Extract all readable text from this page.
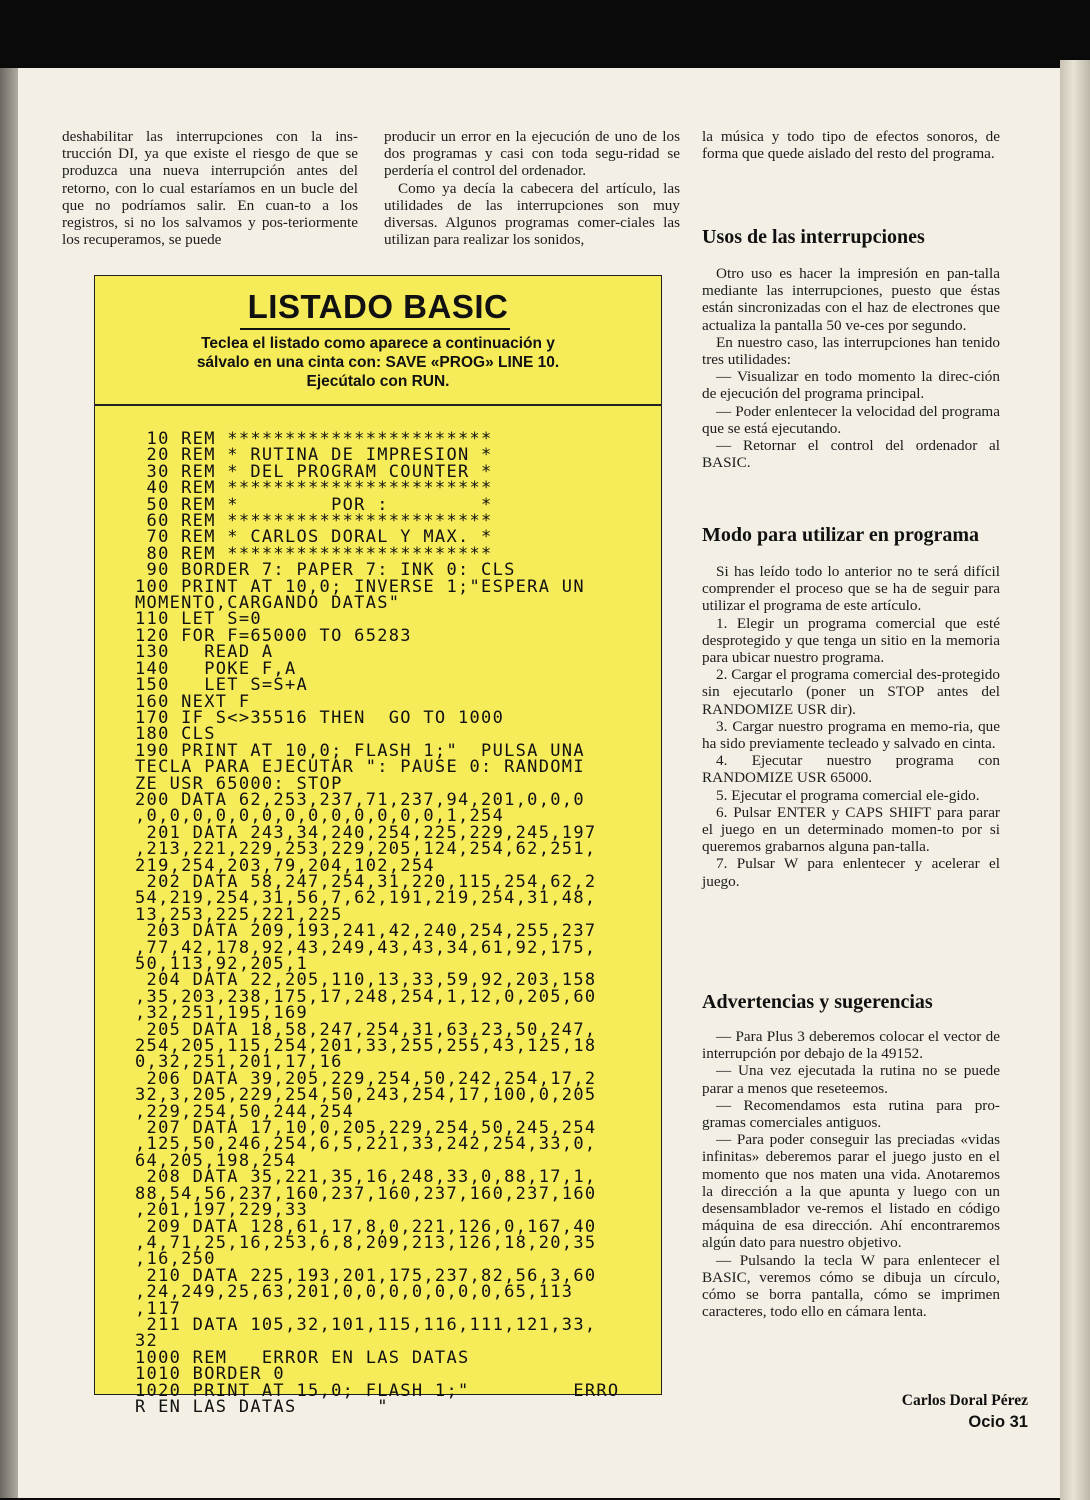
deshabilitar las interrupciones con la ins-trucción DI, ya que existe el riesgo de que se produzca una nueva interrupción antes del retorno, con lo cual estaríamos en un bucle del que no podríamos salir. En cuan-to a los registros, si no los salvamos y pos-teriormente los recuperamos, se puede

producir un error en la ejecución de uno de los dos programas y casi con toda segu-ridad se perdería el control del ordenador.

Como ya decía la cabecera del artículo, las utilidades de las interrupciones son muy diversas. Algunos programas comer-ciales las utilizan para realizar los sonidos,

la música y todo tipo de efectos sonoros, de forma que quede aislado del resto del programa.

Usos de las interrupciones

Otro uso es hacer la impresión en pan-talla mediante las interrupciones, puesto que éstas están sincronizadas con el haz de electrones que actualiza la pantalla 50 ve-ces por segundo.

En nuestro caso, las interrupciones han tenido tres utilidades:

— Visualizar en todo momento la direc-ción de ejecución del programa principal.

— Poder enlentecer la velocidad del programa que se está ejecutando.

— Retornar el control del ordenador al BASIC.

Modo para utilizar en programa

Si has leído todo lo anterior no te será difícil comprender el proceso que se ha de seguir para utilizar el programa de este artículo.

1. Elegir un programa comercial que esté desprotegido y que tenga un sitio en la memoria para ubicar nuestro programa.

2. Cargar el programa comercial des-protegido sin ejecutarlo (poner un STOP antes del RANDOMIZE USR dir).

3. Cargar nuestro programa en memo-ria, que ha sido previamente tecleado y salvado en cinta.

4. Ejecutar nuestro programa con RANDOMIZE USR 65000.

5. Ejecutar el programa comercial ele-gido.

6. Pulsar ENTER y CAPS SHIFT para parar el juego en un determinado momen-to por si queremos grabarnos alguna pan-talla.

7. Pulsar W para enlentecer y acelerar el juego.

Advertencias y sugerencias

— Para Plus 3 deberemos colocar el vector de interrupción por debajo de la 49152.

— Una vez ejecutada la rutina no se puede parar a menos que reseteemos.

— Recomendamos esta rutina para pro-gramas comerciales antiguos.

— Para poder conseguir las preciadas «vidas infinitas» deberemos parar el juego justo en el momento que nos maten una vida. Anotaremos la dirección a la que apunta y luego con un desensamblador ve-remos el listado en código máquina de esa dirección. Ahí encontraremos algún dato para nuestro objetivo.

— Pulsando la tecla W para enlentecer el BASIC, veremos cómo se dibuja un círculo, cómo se borra pantalla, cómo se imprimen caracteres, todo ello en cámara lenta.

LISTADO BASIC
Teclea el listado como aparece a continuación y
sálvalo en una cinta con: SAVE «PROG» LINE 10.
Ejecútalo con RUN.
10 REM ***********************
20 REM * RUTINA DE IMPRESION *
30 REM * DEL PROGRAM COUNTER *
40 REM ***********************
50 REM *        POR :        *
60 REM ***********************
70 REM * CARLOS DORAL Y MAX. *
80 REM ***********************
90 BORDER 7: PAPER 7: INK 0: CLS
100 PRINT AT 10,0; INVERSE 1;"ESPERA UN
MOMENTO,CARGANDO DATAS"
110 LET S=0
120 FOR F=65000 TO 65283
130   READ A
140   POKE F,A
150   LET S=S+A
160 NEXT F
170 IF S<>35516 THEN  GO TO 1000
180 CLS
190 PRINT AT 10,0; FLASH 1;"  PULSA UNA
TECLA PARA EJECUTAR ": PAUSE 0: RANDOMI
ZE USR 65000: STOP
200 DATA 62,253,237,71,237,94,201,0,0,0
,0,0,0,0,0,0,0,0,0,0,0,0,0,1,254
201 DATA 243,34,240,254,225,229,245,197
,213,221,229,253,229,205,124,254,62,251,
219,254,203,79,204,102,254
202 DATA 58,247,254,31,220,115,254,62,2
54,219,254,31,56,7,62,191,219,254,31,48,
13,253,225,221,225
203 DATA 209,193,241,42,240,254,255,237
,77,42,178,92,43,249,43,43,34,61,92,175,
50,113,92,205,1
204 DATA 22,205,110,13,33,59,92,203,158
,35,203,238,175,17,248,254,1,12,0,205,60
,32,251,195,169
205 DATA 18,58,247,254,31,63,23,50,247,
254,205,115,254,201,33,255,255,43,125,18
0,32,251,201,17,16
206 DATA 39,205,229,254,50,242,254,17,2
32,3,205,229,254,50,243,254,17,100,0,205
,229,254,50,244,254
207 DATA 17,10,0,205,229,254,50,245,254
,125,50,246,254,6,5,221,33,242,254,33,0,
64,205,198,254
208 DATA 35,221,35,16,248,33,0,88,17,1,
88,54,56,237,160,237,160,237,160,237,160
,201,197,229,33
209 DATA 128,61,17,8,0,221,126,0,167,40
,4,71,25,16,253,6,8,209,213,126,18,20,35
,16,250
210 DATA 225,193,201,175,237,82,56,3,60
,24,249,25,63,201,0,0,0,0,0,0,0,65,113
,117
211 DATA 105,32,101,115,116,111,121,33,
32
1000 REM   ERROR EN LAS DATAS
1010 BORDER 0
1020 PRINT AT 15,0; FLASH 1;"         ERRO
R EN LAS DATAS       "	Carlos Doral Pérez
Ocio 31
